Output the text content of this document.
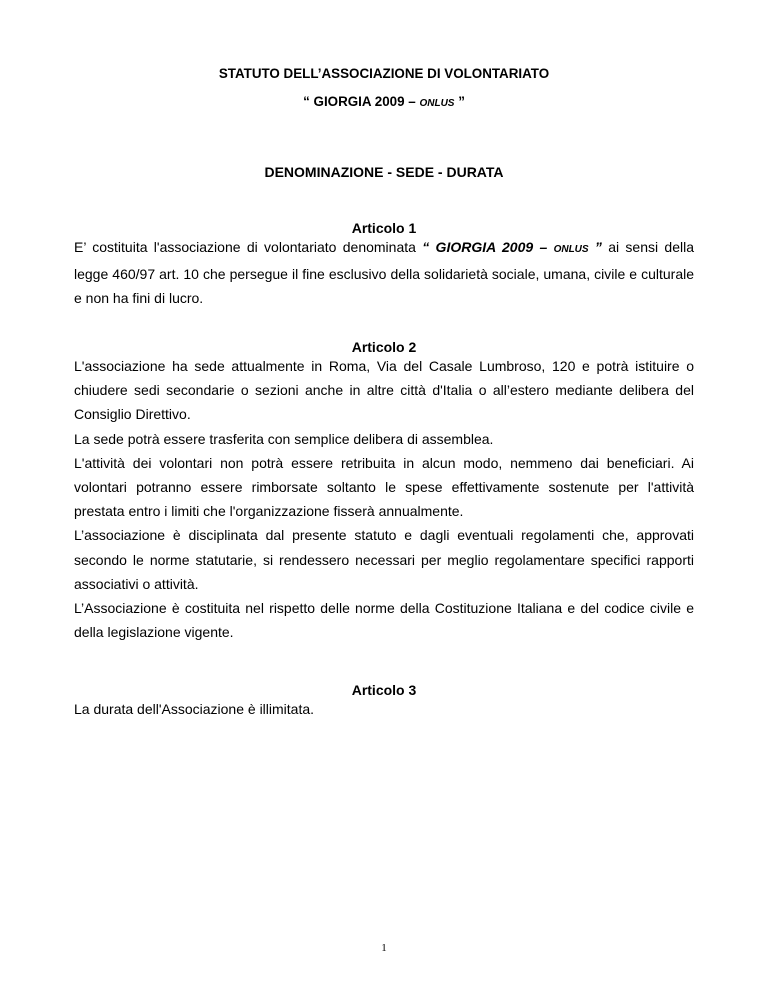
STATUTO DELL’ASSOCIAZIONE DI VOLONTARIATO
“ GIORGIA 2009 – ONLUS ”
DENOMINAZIONE - SEDE - DURATA
Articolo 1

E’ costituita l'associazione di volontariato denominata “ GIORGIA 2009 – ONLUS ” ai sensi della legge 460/97 art. 10 che persegue il fine esclusivo della solidarietà sociale, umana, civile e culturale e non ha fini di lucro.

Articolo 2

L'associazione ha sede attualmente in Roma, Via del Casale Lumbroso, 120 e potrà istituire o chiudere sedi secondarie o sezioni anche in altre città d'Italia o all’estero mediante delibera del Consiglio Direttivo.

La sede potrà essere trasferita con semplice delibera di assemblea.

L'attività dei volontari non potrà essere retribuita in alcun modo, nemmeno dai beneficiari. Ai volontari potranno essere rimborsate soltanto le spese effettivamente sostenute per l'attività prestata entro i limiti che l'organizzazione fisserà annualmente.

L’associazione è disciplinata dal presente statuto e dagli eventuali regolamenti che, approvati secondo le norme statutarie, si rendessero necessari per meglio regolamentare specifici rapporti associativi o attività.

L’Associazione è costituita nel rispetto delle norme della Costituzione Italiana e del codice civile e della legislazione vigente.

Articolo 3

La durata dell'Associazione è illimitata.

1
